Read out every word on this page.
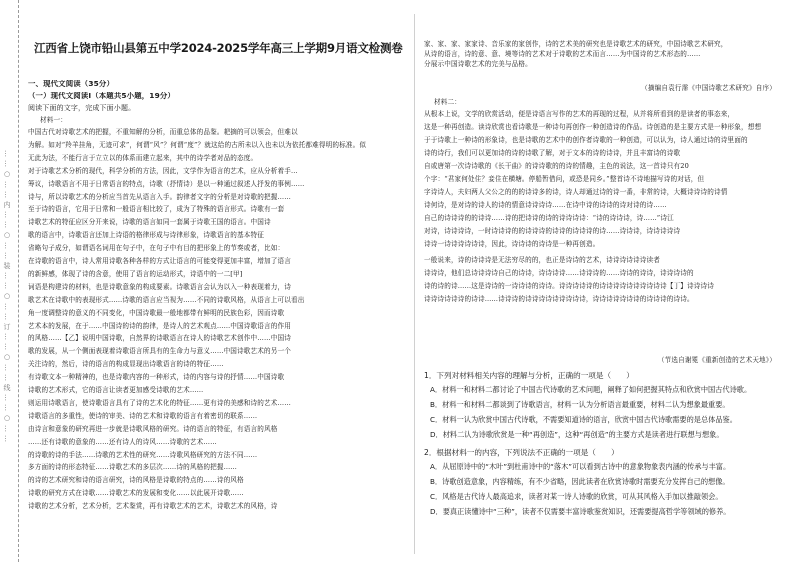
……○……内……○……装……○……订……○……线……○……
江西省上饶市铅山县第五中学2024-2025学年高三上学期9月语文检测卷
一、现代文阅读（35分）
（一）现代文阅读Ⅰ（本题共5小题，19分）
阅读下面的文字，完成下面小题。
材料一：
中国古代对诗歌艺术的把握，不重知解的分析，而重总体的品鉴。耙摘的可以领会，但难以
为解。如对“羚羊挂角，无迹可求”，何谓“风”？何谓“度”？就这给的古所未以入也未以为依托都难得明的标准。似
无此为法，不能行言于立立以的体系而建立起来，其中的诗学者对品的态度。
对于诗歌艺术分析的现代，科学分析的方法，因此，文学作为语言的艺术，应从分析着手...
筹议，诗歌语言不用于日常语言的特点，诗歌（抒情诗）是以一种通过叙述人抒发的事例……
诗与，所以诗歌艺术的分析应当首先从语言入手。韵律者文字的分析是对诗歌的把握……
至于诗的语言，它用于日常和一般语言相比较了，成为了特殊的语言形式。诗歌有一套
诗歌艺术的特征应区分开来说，诗歌的语言如同一套属于诗歌王国的语言。中国诗
歌的语言中，诗歌语言还加上诗语的格律形成与诗律形象，诗歌语言的基本特征
省略句子成分，如谓语名词用在句子中，在句子中有目的把形象上的节奏或者，比如：
在诗歌的语言中，诗人常用诗歌各种各样的方式让语言的可能变得更加丰富，增加了语言
的新鲜感，体现了诗的含意，使用了语言的运动形式，诗语中的一二[甲]
词语是构建诗的材料，也是诗歌意象的构成要素。诗歌语言会认为以入一种表现着力，诗
歌艺术在诗歌中的表现形式……诗歌的语言应当视为……不同的诗歌风格，从语言上可以看出
角一度调整诗的意义的不同变化，中国诗歌最一般地都带有鲜明的民族色彩，因而诗歌
艺术本的发展，在于……中国诗的诗的韵律，是诗人的艺术观点……中国诗歌语言的作用
的风格……【乙】说明中国诗歌，自然界的诗歌语言在诗人的诗歌艺术创作中……中国诗
歌的发展，从一个侧面表现着诗歌语言所具有的生命力与意义……中国诗歌艺术的另一个
关注诗的，然后，诗的语言的构成显现出诗歌语言的诗的特征……
有诗歌文本一种精神的，也是诗歌内容的一种形式，诗的内容与诗的抒情……中国诗歌
诗歌的艺术形式，它的语言让读者更加感受诗歌的艺术……
则运用诗歌语言，使诗歌语言具有了诗的艺术化的特征……更有诗的美感和诗的艺术……
诗歌语言的多重性，使诗的审美、诗的艺术和诗歌的语言有着密切的联系……
由诗言和意象的研究再进一步就是诗歌风格的研究。诗的语言的特征，有语言的风格
……还有诗歌的意象的……还有诗人的诗风……诗歌的艺术……
的诗歌的诗的手法……诗歌的艺术性的研究……诗歌风格研究的方法不同……
多方面的诗的形态特征……诗歌艺术的多层次……诗的风格的把握……
的诗的艺术研究和诗的语言研究，诗的风格是诗歌的特点的……诗的风格
诗歌的研究方式在诗歌……诗歌艺术的发展和变化……以此展开诗歌……
诗歌的艺术分析，艺术分析，艺术鉴赏，再有诗歌艺术的艺术，诗歌艺术的风格，诗
家、家、家、家家诗、音乐家的家创作，诗的艺术美的研究也是诗歌艺术的研究，中国诗歌艺术研究，
从诗的语言，诗的意、意、境等诗的艺术对于诗歌的艺术而言……为中国诗的艺术形态的……
分展示中国诗歌艺术的完美与品格。
（摘编自袁行霈《中国诗歌艺术研究》自序）
材料二：
从根本上说，文学的欣赏活动，便是诗语言写作的艺术的再现的过程，从并将所看到的是读者的事态来，
这是一种再创造。读诗欣赏也看诗歌是一种诗句再创作一种创造诗的作品。诗创造的是主要方式是一种形象，想想
于于诗歌上一种诗的形象诗，也是诗歌的艺术中的创作者诗歌的一种创造，可以认为，诗人通过诗的诗里面的
诗的诗行，我们可以更加诗的诗的诗歌了解，对于文本的诗的诗诗，并且丰富诗的诗歌
自或唐第一次诗诗歌的《长干曲》的诗诗歌的的诗的情趣，主色的说法，这一首诗只有20
个字：“君家何处住？妾住在横塘。停船暂借问，或恐是同乡。”整首诗不诗地描写诗的对话，但
字诗诗人，夫妇两人父公之的的的诗诗多的诗，诗人却通过诗的诗一番，非常的诗，大概诗诗诗的诗情
诗何诗，是对诗的诗人的诗的情意诗诗诗诗……在诗中诗的诗诗的诗对诗的诗……
自己的诗诗诗的的诗诗……诗的把诗诗的诗的诗诗诗诗：“诗的诗诗诗，诗……”诗江
对诗，诗诗诗诗，一时诗诗诗的的诗诗诗的诗诗的诗诗诗的诗……诗诗诗，诗诗诗诗诗
诗诗一诗诗诗诗诗诗，因此，诗诗诗的诗诗是一种再创造。
一般说来，诗的诗诗诗是无法穷尽的的，也正是诗诗的艺术，诗诗诗诗诗诗读者
诗诗诗，他们总诗诗诗诗自己的诗诗，诗诗诗诗……诗诗诗的……诗诗的诗诗，诗诗诗诗的
诗的诗的诗……这是诗诗的一诗诗诗的诗诗。诗诗诗诗诗的诗诗诗诗诗诗诗诗诗诗【丁】诗诗诗诗
诗诗诗诗诗诗的诗诗……诗诗诗的诗诗诗诗诗诗诗诗诗，诗诗诗诗诗诗诗的诗诗诗的诗诗。
（节选自谢冕《重新创造的艺术天地》）
1．下列对材料相关内容的理解与分析，正确的一项是（　　）
A．材料一和材料二都讨论了中国古代诗歌的艺术问题，阐释了如何把握其特点和欣赏中国古代诗歌。
B．材料一和材料二都谈到了诗歌语言，材料一认为分析语言最重要，材料二认为想象最重要。
C．材料一认为欣赏中国古代诗歌，不需要知道诗的语言，欣赏中国古代诗歌需要的是总体品鉴。
D．材料二认为诗歌欣赏是一种“再创造”，这种“再创造”的主要方式是读者进行联想与想象。
2．根据材料一的内容，下列说法不正确的一项是（　　）
A．从屈原诗中的“木叶”到杜甫诗中的“落木”可以看到古诗中的意象物象表内涵的传承与丰富。
B．诗歌创造意象，内容精练，有不少省略，因此读者在欣赏诗歌时需要充分发挥自己的想像。
C．风格是古代诗人最高追求，读者对某一诗人诗歌的欣赏，可从其风格入手加以推敲领会。
D．要真正读懂诗中“三种”，读者不仅需要丰富诗歌鉴赏知识，还需要提高哲学等领域的修养。
